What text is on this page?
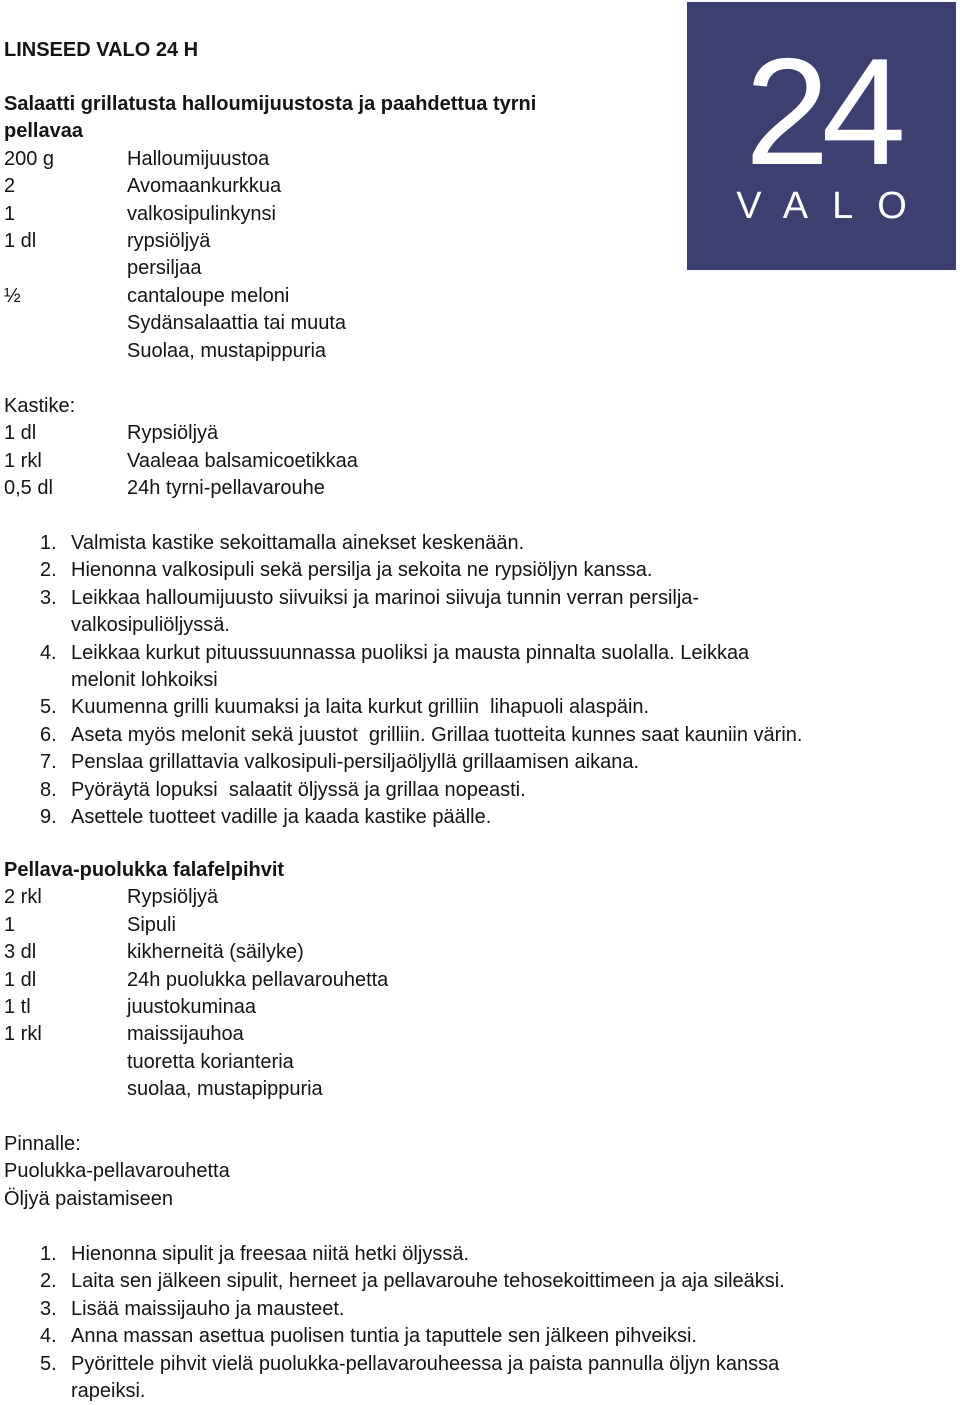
LINSEED VALO 24 H	24
VALO
Salaatti grillatusta halloumijuustosta ja paahdettua tyrni
pellavaa
200 g	Halloumijuustoa
2	Avomaankurkkua
1	valkosipulinkynsi
1 dl	rypsiöljyä
persiljaa
½	cantaloupe meloni
Sydänsalaattia tai muuta
Suolaa, mustapippuria
Kastike:
1 dl	Rypsiöljyä
1 rkl	Vaaleaa balsamicoetikkaa
0,5 dl	24h tyrni-pellavarouhe
1. Valmista kastike sekoittamalla ainekset keskenään.
2. Hienonna valkosipuli sekä persilja ja sekoita ne rypsiöljyn kanssa.
3. Leikkaa halloumijuusto siivuiksi ja marinoi siivuja tunnin verran persilja-
valkosipuliöljyssä.
4. Leikkaa kurkut pituussuunnassa puoliksi ja mausta pinnalta suolalla. Leikkaa
melonit lohkoiksi
5. Kuumenna grilli kuumaksi ja laita kurkut grilliin  lihapuoli alaspäin.
6. Aseta myös melonit sekä juustot  grilliin. Grillaa tuotteita kunnes saat kauniin värin.
7. Penslaa grillattavia valkosipuli-persiljaöljyllä grillaamisen aikana.
8. Pyöräytä lopuksi  salaatit öljyssä ja grillaa nopeasti.
9. Asettele tuotteet vadille ja kaada kastike päälle.
Pellava-puolukka falafelpihvit
2 rkl	Rypsiöljyä
1	Sipuli
3 dl	kikherneitä (säilyke)
1 dl	24h puolukka pellavarouhetta
1 tl	juustokuminaa
1 rkl	maissijauhoa
tuoretta korianteria
suolaa, mustapippuria
Pinnalle:
Puolukka-pellavarouhetta
Öljyä paistamiseen
1. Hienonna sipulit ja freesaa niitä hetki öljyssä.
2. Laita sen jälkeen sipulit, herneet ja pellavarouhe tehosekoittimeen ja aja sileäksi.
3. Lisää maissijauho ja mausteet.
4. Anna massan asettua puolisen tuntia ja taputtele sen jälkeen pihveiksi.
5. Pyörittele pihvit vielä puolukka-pellavarouheessa ja paista pannulla öljyn kanssa
rapeiksi.
